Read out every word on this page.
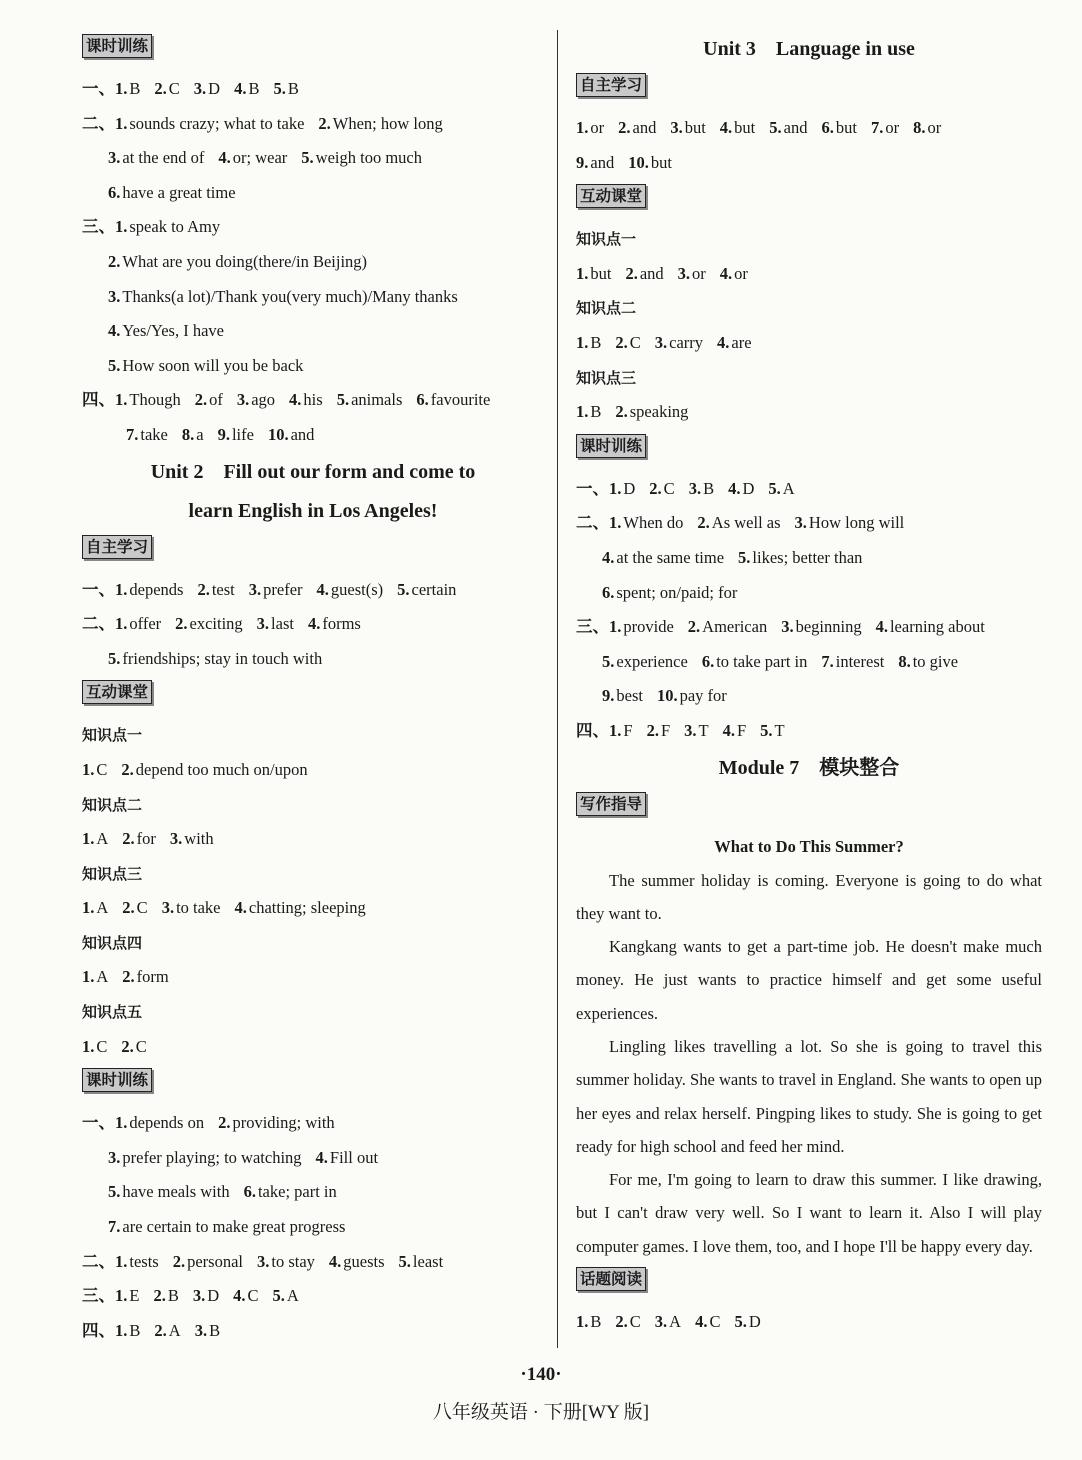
课时训练
一、1. B 2. C 3. D 4. B 5. B
二、1. sounds crazy; what to take 2. When; how long
3. at the end of 4. or; wear 5. weigh too much
6. have a great time
三、1. speak to Amy
2. What are you doing(there/in Beijing)
3. Thanks(a lot)/Thank you(very much)/Many thanks
4. Yes/Yes, I have
5. How soon will you be back
四、1. Though 2. of 3. ago 4. his 5. animals 6. favourite
7. take 8. a 9. life 10. and
Unit 2　Fill out our form and come to
learn English in Los Angeles!
自主学习
一、1. depends 2. test 3. prefer 4. guest(s) 5. certain
二、1. offer 2. exciting 3. last 4. forms
5. friendships; stay in touch with
互动课堂
知识点一
1. C 2. depend too much on/upon
知识点二
1. A 2. for 3. with
知识点三
1. A 2. C 3. to take 4. chatting; sleeping
知识点四
1. A 2. form
知识点五
1. C 2. C
课时训练
一、1. depends on 2. providing; with
3. prefer playing; to watching 4. Fill out
5. have meals with 6. take; part in
7. are certain to make great progress
二、1. tests 2. personal 3. to stay 4. guests 5. least
三、1. E 2. B 3. D 4. C 5. A
四、1. B 2. A 3. B
Unit 3　Language in use
自主学习
1. or 2. and 3. but 4. but 5. and 6. but 7. or 8. or
9. and 10. but
互动课堂
知识点一
1. but 2. and 3. or 4. or
知识点二
1. B 2. C 3. carry 4. are
知识点三
1. B 2. speaking
课时训练
一、1. D 2. C 3. B 4. D 5. A
二、1. When do 2. As well as 3. How long will
4. at the same time 5. likes; better than
6. spent; on/paid; for
三、1. provide 2. American 3. beginning 4. learning about
5. experience 6. to take part in 7. interest 8. to give
9. best 10. pay for
四、1. F 2. F 3. T 4. F 5. T
Module 7　模块整合
写作指导
What to Do This Summer?

The summer holiday is coming. Everyone is going to do what they want to.

Kangkang wants to get a part-time job. He doesn't make much money. He just wants to practice himself and get some useful experiences.

Lingling likes travelling a lot. So she is going to travel this summer holiday. She wants to travel in England. She wants to open up her eyes and relax herself. Pingping likes to study. She is going to get ready for high school and feed her mind.

For me, I'm going to learn to draw this summer. I like drawing, but I can't draw very well. So I want to learn it. Also I will play computer games. I love them, too, and I hope I'll be happy every day.

话题阅读
1. B 2. C 3. A 4. C 5. D
·140·
八年级英语 · 下册[WY 版]
